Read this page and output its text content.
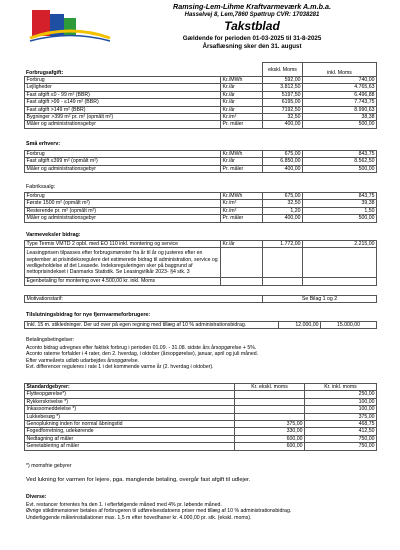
Ramsing-Lem-Lihme Kraftvarmeværk A.m.b.a.
Hasselvej 8, Lem,7860 Spøttrup CVR: 17038281
Takstblad
Gældende for perioden 01-03-2025 til 31-8-2025
Årsaflæsning sker den 31. august
Forbrugsafgift:		ekskl. Moms	inkl. Moms
Forbrug	Kr./MWh	592,00	740,00
Lejligheder	Kr./år	3.812,50	4.765,63
Fast afgift ≤0 - 99 m² (BBR)	Kr./år	5197,50	6.496,88
Fast afgift >99 - ≤149 m² (BBR)	Kr./år	6195,00	7.743,75
Fast afgift >149 m² (BBR)	Kr./år	7192,50	8.990,63
Bygninger >399 m² pr. m² (opmålt m²)	Kr./m²	32,50	38,38
Måler og administrationsgebyr	Pr. måler	400,00	500,00
Små erhverv:
Forbrug	Kr./MWh	675,00	843,75
Fast afgift ≤399 m² (opmålt m²)	Kr./år	6.850,00	8.562,50
Måler og administrationsgebyr	Pr. måler	400,00	500,00
Fabrikssalg:
Forbrug	Kr./MWh	675,00	843,75
Første 1500 m² (opmålt m²)	Kr./m²	32,50	39,38
Resterende pr. m² (opmålt m²)	Kr./m²	1,20	1,50
Måler og administrationsgebyr	Pr. måler	400,00	500,00
Varmeveksler bidrag:
Type Termix VMTD 2 opbl. med EO 110 inkl. montering og service	Kr./år	1.772,00	2.215,00

Leasingprisen tilpasses efter forbrugsmønster fra år til år og justeres efter en
september at prisindeksregulere det estimerede bidrag til administration, service og
vedligeholdelse af det Leasede. Indeksreguleringen sker på baggrund af
nettoprisindekset i Danmarks Statistik. Se Leasingvilkår 2023- §4 stk. 3			

Egenbetaling for montering over 4.500,00 kr. inkl. Moms			
Motivationstarif:	Se Bilag 1 og 2
Tilslutningsbidrag for nye fjernvarmeforbrugere:
Inkl. 15 m. stikledninger. Der ud over på egen regning med tillæg af 10 % administrationsbidrag.	12.000,00	15.000,00
Betalingsbetingelser:
Aconto bidrag udregnes efter faktisk forbrug i perioden 01.09. - 31.08. sidste års årsopgørelse + 5%.
Aconto raterne forfalder i 4 rater, den 2. hverdag, i oktober (årsopgørelse), januar, april og juli måned.
Efter varmeårets udløb udarbejdes årsopgørelse.
Evt. differencer reguleres i rate 1 i det kommende varme år (2. hverdag i oktober).
Standardgebyrer:	Kr. ekskl. moms	Kr. inkl. moms
Flytteopgørelse*)		250,00
Rykkerskrivelse *)		100,00
Inkassomeddelelse *)		100,00
Lukkebesøg *)		375,00
Genoplukning inden for normal åbningstid	375,00	468,75
Fogedforretning, udekørende	330,00	412,50
Nedtagning af måler	600,00	750,00
Genetablering af måler	600,00	750,00
*) momsfrie gebyrer
Ved lukning for varmen for lejere, pga. manglende betaling, overgår fast afgift til udlejer.
Diverse:
Evt. restancer forrentes fra den 1. i efterfølgende måned med 4% pr. løbende måned.
Øvrige stikdimensioner betales af forbrugeren til udførelsesdatoens priser med tillæg af 10 % administrationsbidrag.
Underliggende målerinstallationer max. 1,5 m efter hovedhaner kr. 4.000,00 pr. stk. (ekskl. moms).
